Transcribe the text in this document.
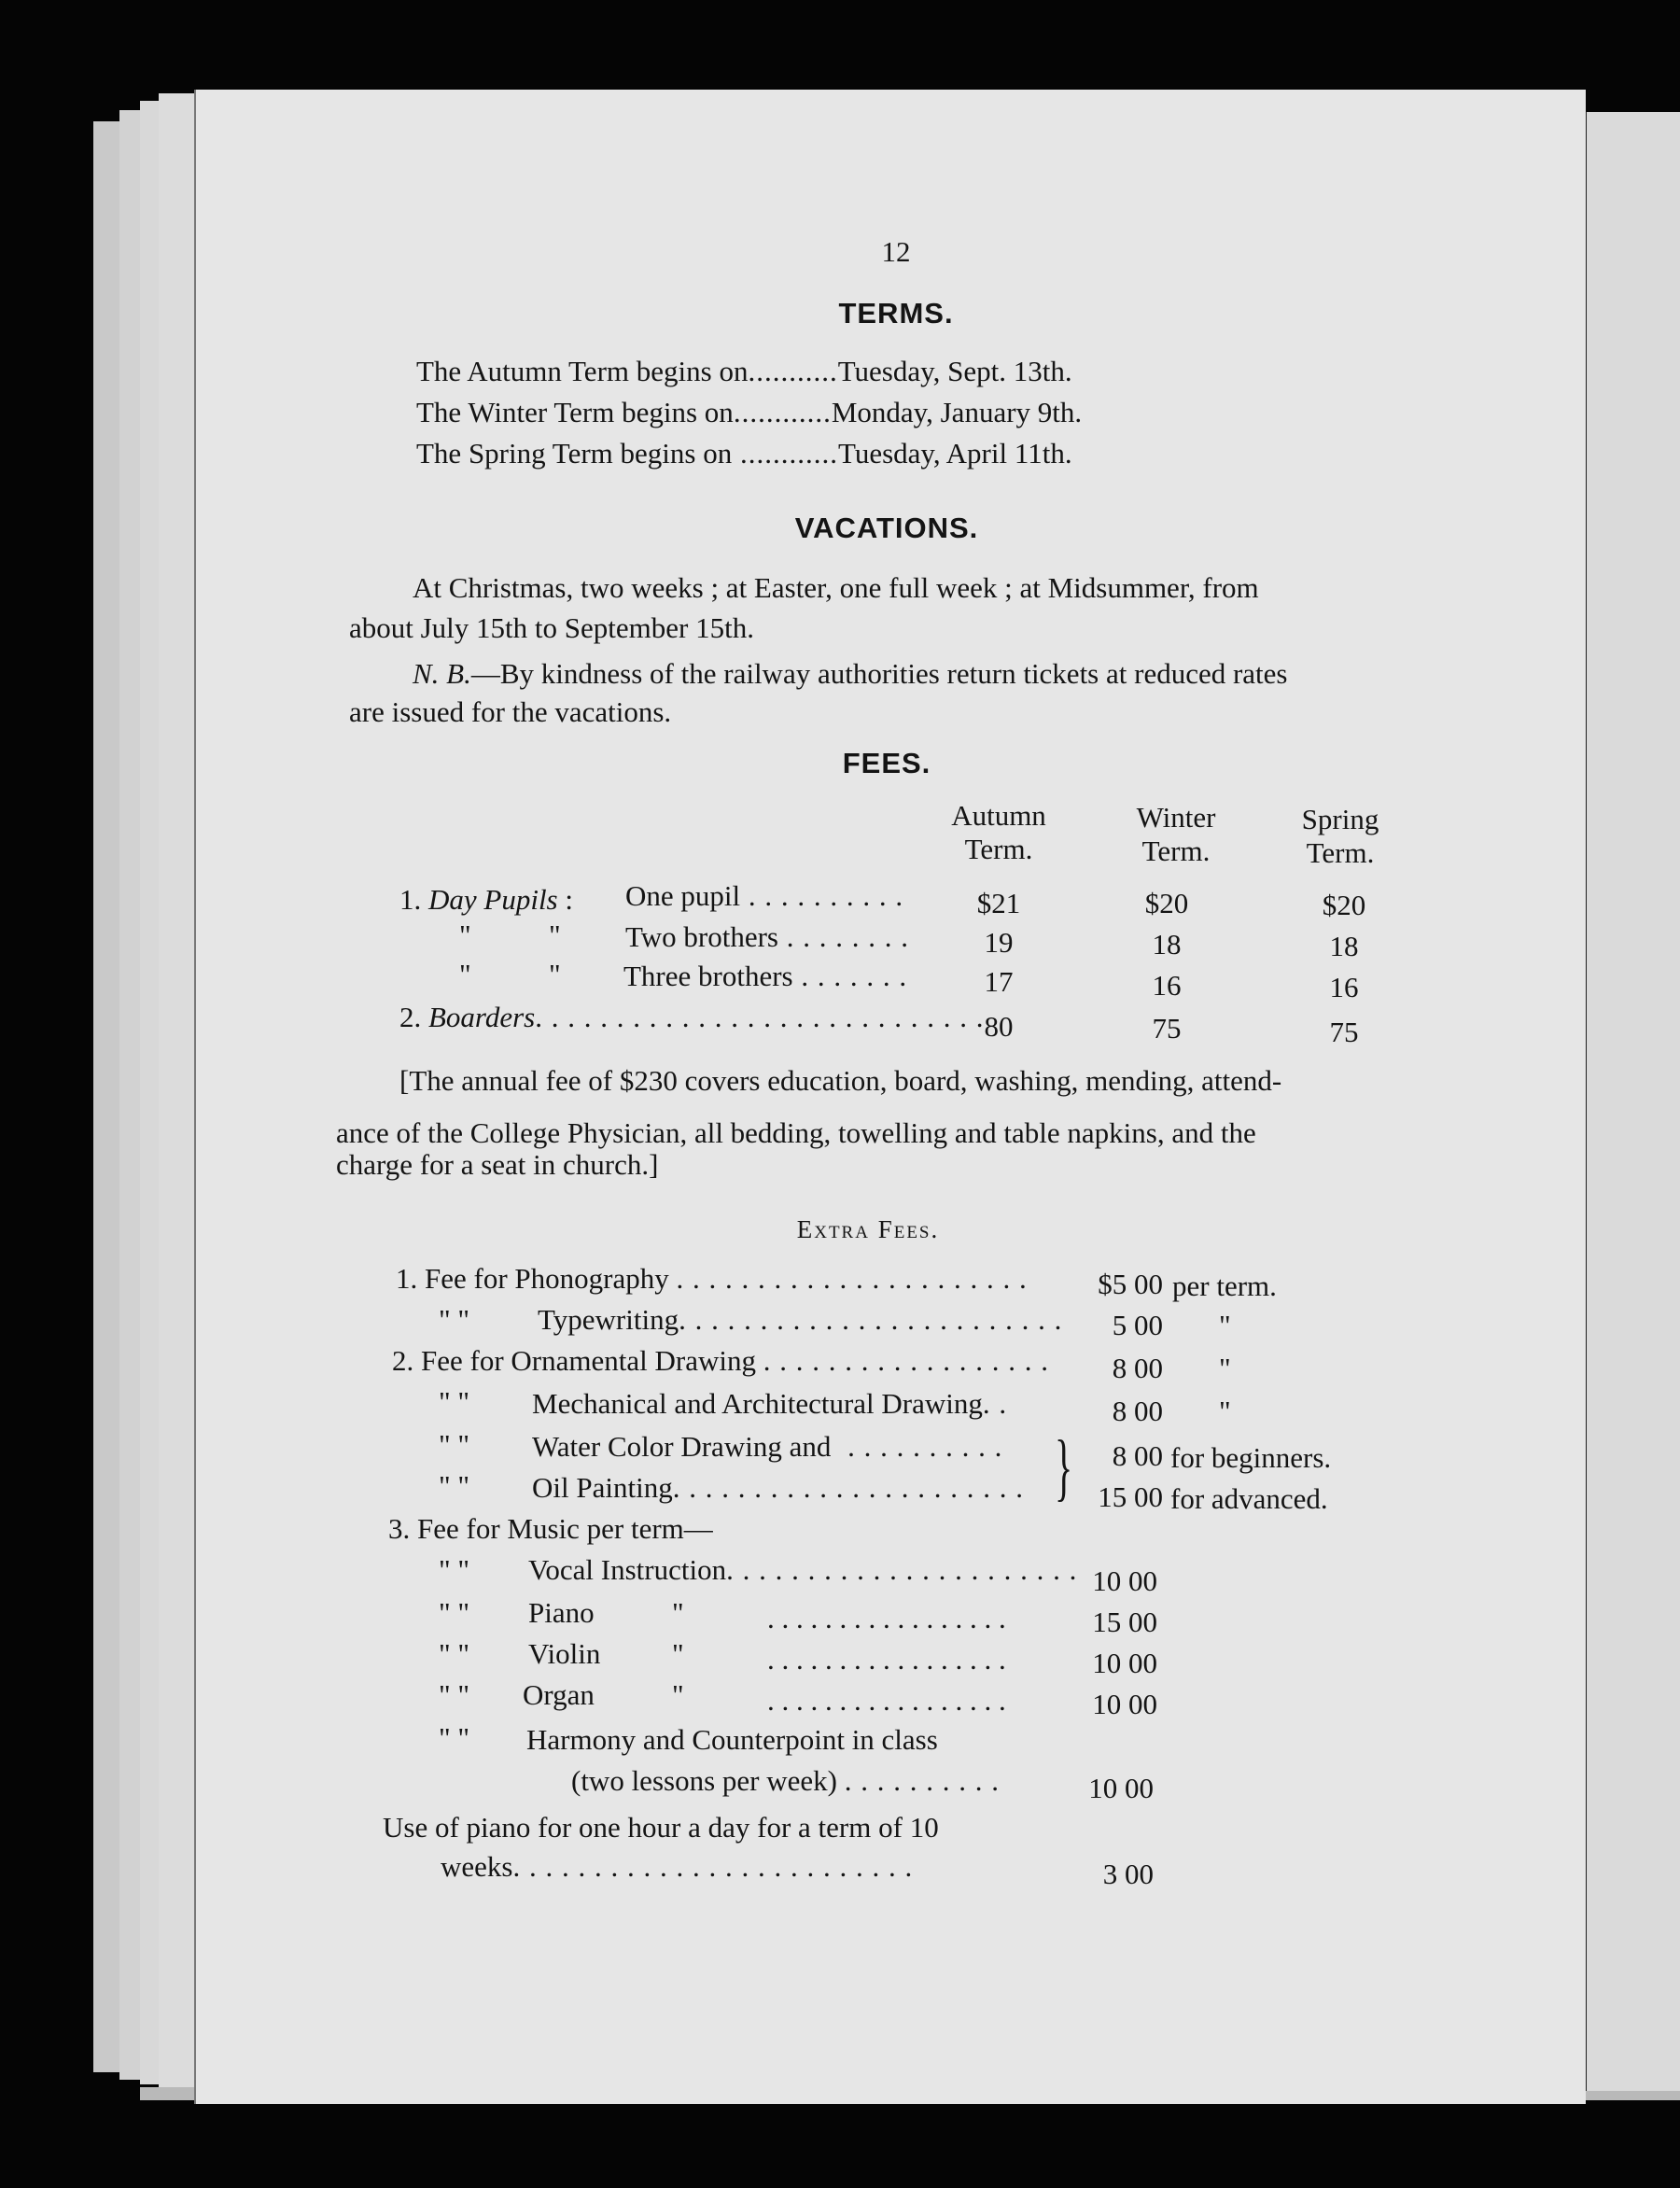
12
TERMS.
The Autumn Term begins on...........Tuesday, Sept. 13th.
The Winter Term begins on............Monday, January 9th.
The Spring Term begins on ............Tuesday, April 11th.
VACATIONS.
At Christmas, two weeks ; at Easter, one full week ; at Midsummer, from
about July 15th to September 15th.
N. B.—By kindness of the railway authorities return tickets at reduced rates
are issued for the vacations.
FEES.
Autumn
Term.
Winter
Term.
Spring
Term.
1. Day Pupils : One pupil . . . . . . . . . .	$21	$20	$20
"	" Two brothers . . . . . . . .	19	18	18
"	" Three brothers . . . . . . .	17	16	16
2. Boarders. . . . . . . . . . . . . . . . . . . . . . . . . . . . 80	75	75
[The annual fee of $230 covers education, board, washing, mending, attend-
ance of the College Physician, all bedding, towelling and table napkins, and the
charge for a seat in church.]
Extra Fees.
1. Fee for Phonography . . . . . . . . . . . . . . . . . . . . . .	$5 00 per term.
" " Typewriting. . . . . . . . . . . . . . . . . . . . . . . .	5 00 "
2. Fee for Ornamental Drawing . . . . . . . . . . . . . . . . . .	8 00 "
" " Mechanical and Architectural Drawing. .	8 00 "
" " Water Color Drawing and . . . . . . . . . . }	8 00 for beginners.
" " Oil Painting. . . . . . . . . . . . . . . . . . . . . .	15 00 for advanced.
3. Fee for Music per term—
" " Vocal Instruction. . . . . . . . . . . . . . . . . . . . . . 10 00
" " Piano	"	. . . . . . . . . . . . . . . . .	15 00
" " Violin "	. . . . . . . . . . . . . . . . .	10 00
" " Organ	"	. . . . . . . . . . . . . . . . .	10 00
" " Harmony and Counterpoint in class
(two lessons per week) . . . . . . . . . .	10 00
Use of piano for one hour a day for a term of 10
weeks. . . . . . . . . . . . . . . . . . . . . . . . .	3 00
